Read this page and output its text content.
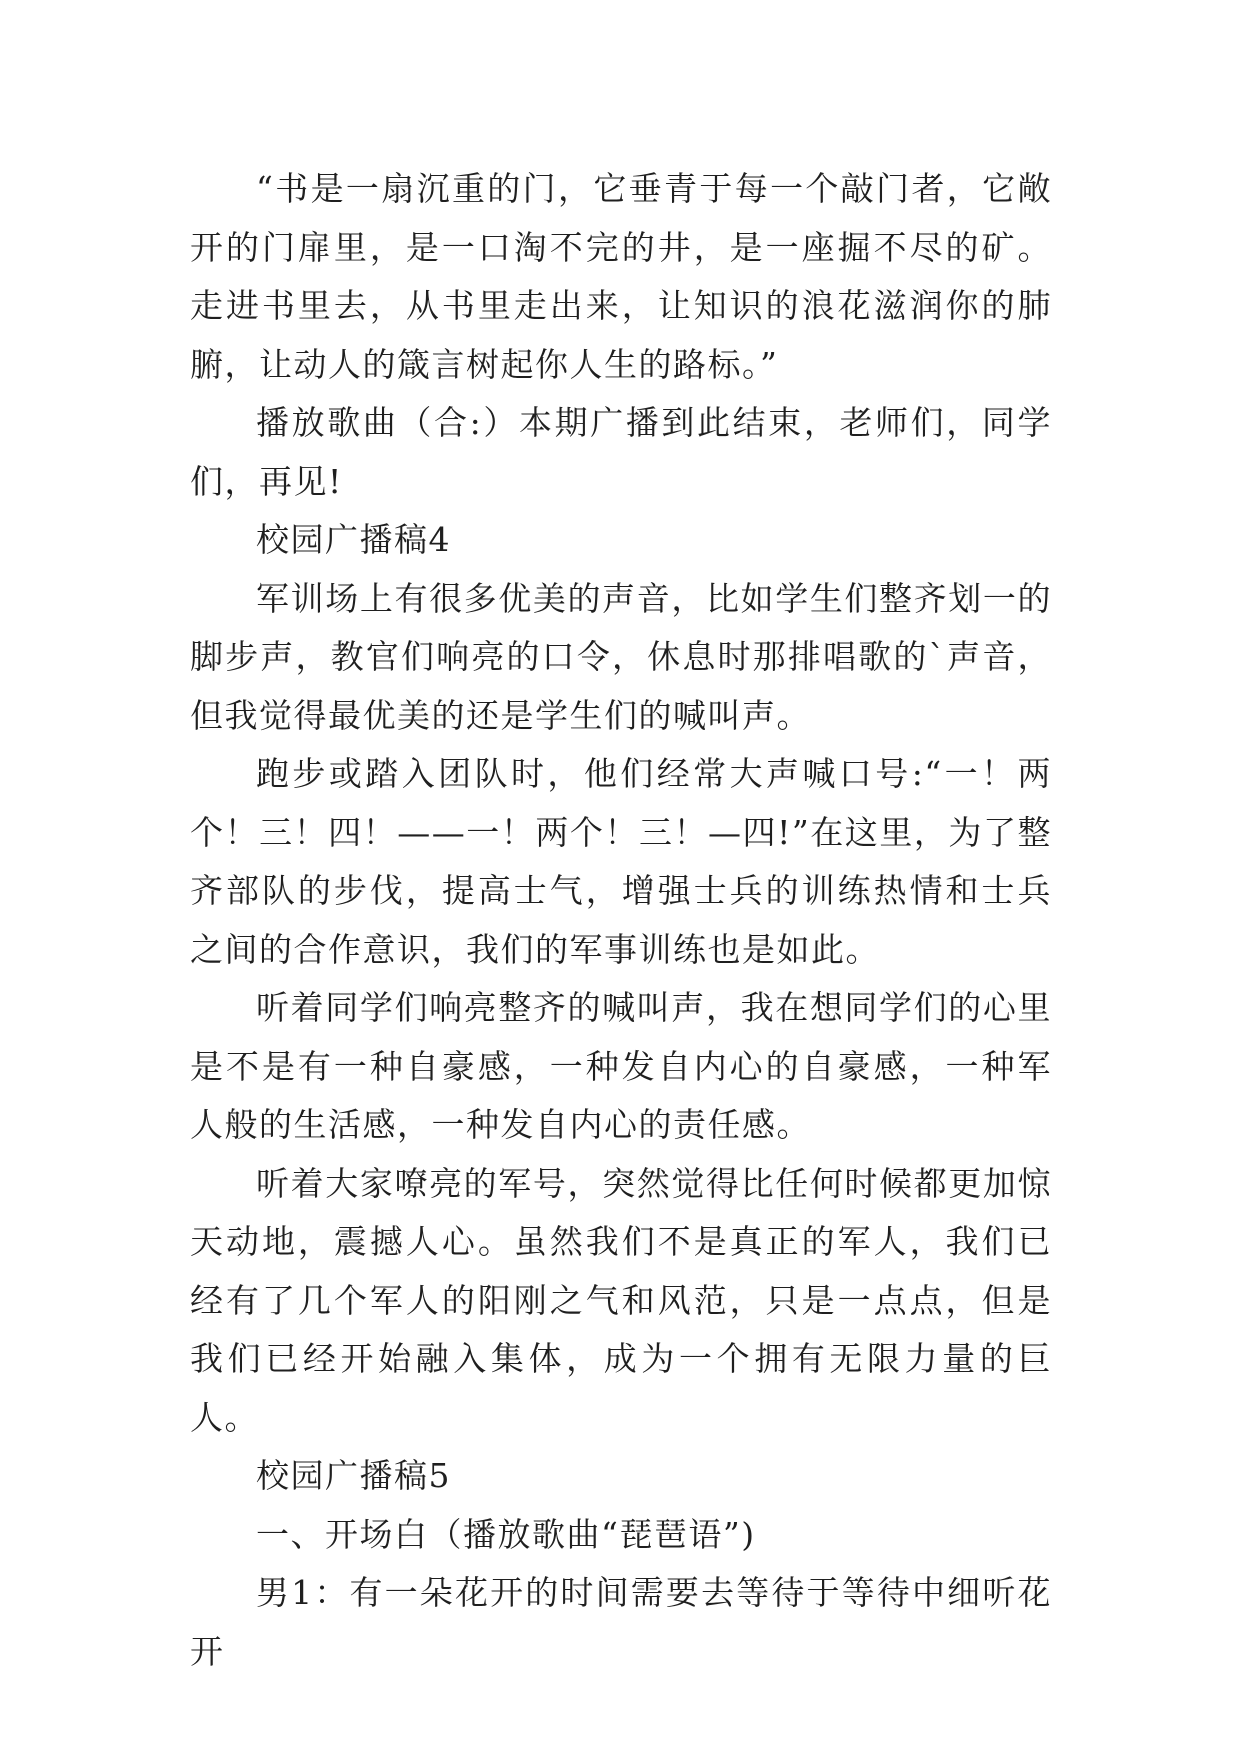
“书是一扇沉重的门，它垂青于每一个敲门者，它敞开的门扉里，是一口淘不完的井，是一座掘不尽的矿。走进书里去，从书里走出来，让知识的浪花滋润你的肺腑，让动人的箴言树起你人生的路标。”

播放歌曲（合:）本期广播到此结束，老师们，同学们，再见!

校园广播稿4

军训场上有很多优美的声音，比如学生们整齐划一的脚步声，教官们响亮的口令，休息时那排唱歌的`声音，但我觉得最优美的还是学生们的喊叫声。

跑步或踏入团队时，他们经常大声喊口号:“一！两个！三！四！——一！两个！三！—四!”在这里，为了整齐部队的步伐，提高士气，增强士兵的训练热情和士兵之间的合作意识，我们的军事训练也是如此。

听着同学们响亮整齐的喊叫声，我在想同学们的心里是不是有一种自豪感，一种发自内心的自豪感，一种军人般的生活感，一种发自内心的责任感。

听着大家嘹亮的军号，突然觉得比任何时候都更加惊天动地，震撼人心。虽然我们不是真正的军人，我们已经有了几个军人的阳刚之气和风范，只是一点点，但是我们已经开始融入集体，成为一个拥有无限力量的巨人。

校园广播稿5

一、开场白（播放歌曲“琵琶语”)

男1：有一朵花开的时间需要去等待于等待中细听花开
